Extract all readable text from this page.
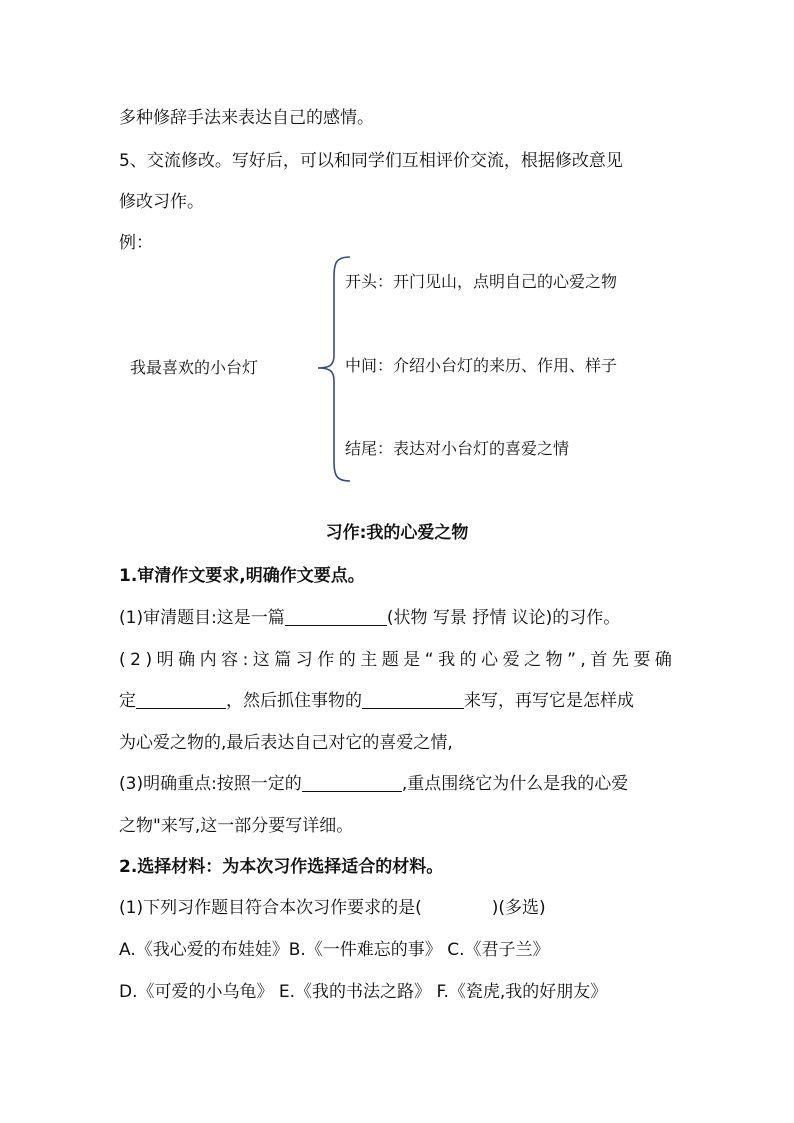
多种修辞手法来表达自己的感情。
5、交流修改。写好后，可以和同学们互相评价交流，根据修改意见
修改习作。
例：
我最喜欢的小台灯
开头：开门见山，点明自己的心爱之物
中间：介绍小台灯的来历、作用、样子
结尾：表达对小台灯的喜爱之情
习作:我的心爱之物
1.审清作文要求,明确作文要点。
(1)审清题目:这是一篇	(状物 写景 抒情 议论)的习作。
(2)明确内容:这篇习作的主题是“我的心爱之物”,首先要确
定	，然后抓住事物的	来写，再写它是怎样成
为心爱之物的,最后表达自己对它的喜爱之情,
(3)明确重点:按照一定的	,重点围绕它为什么是我的心爱
之物"来写,这一部分要写详细。
2.选择材料：为本次习作选择适合的材料。
(1)下列习作题目符合本次习作要求的是(	)(多选)
A.《我心爱的布娃娃》B.《一件难忘的事》 C.《君子兰》
D.《可爱的小乌龟》 E.《我的书法之路》 F.《瓷虎,我的好朋友》
